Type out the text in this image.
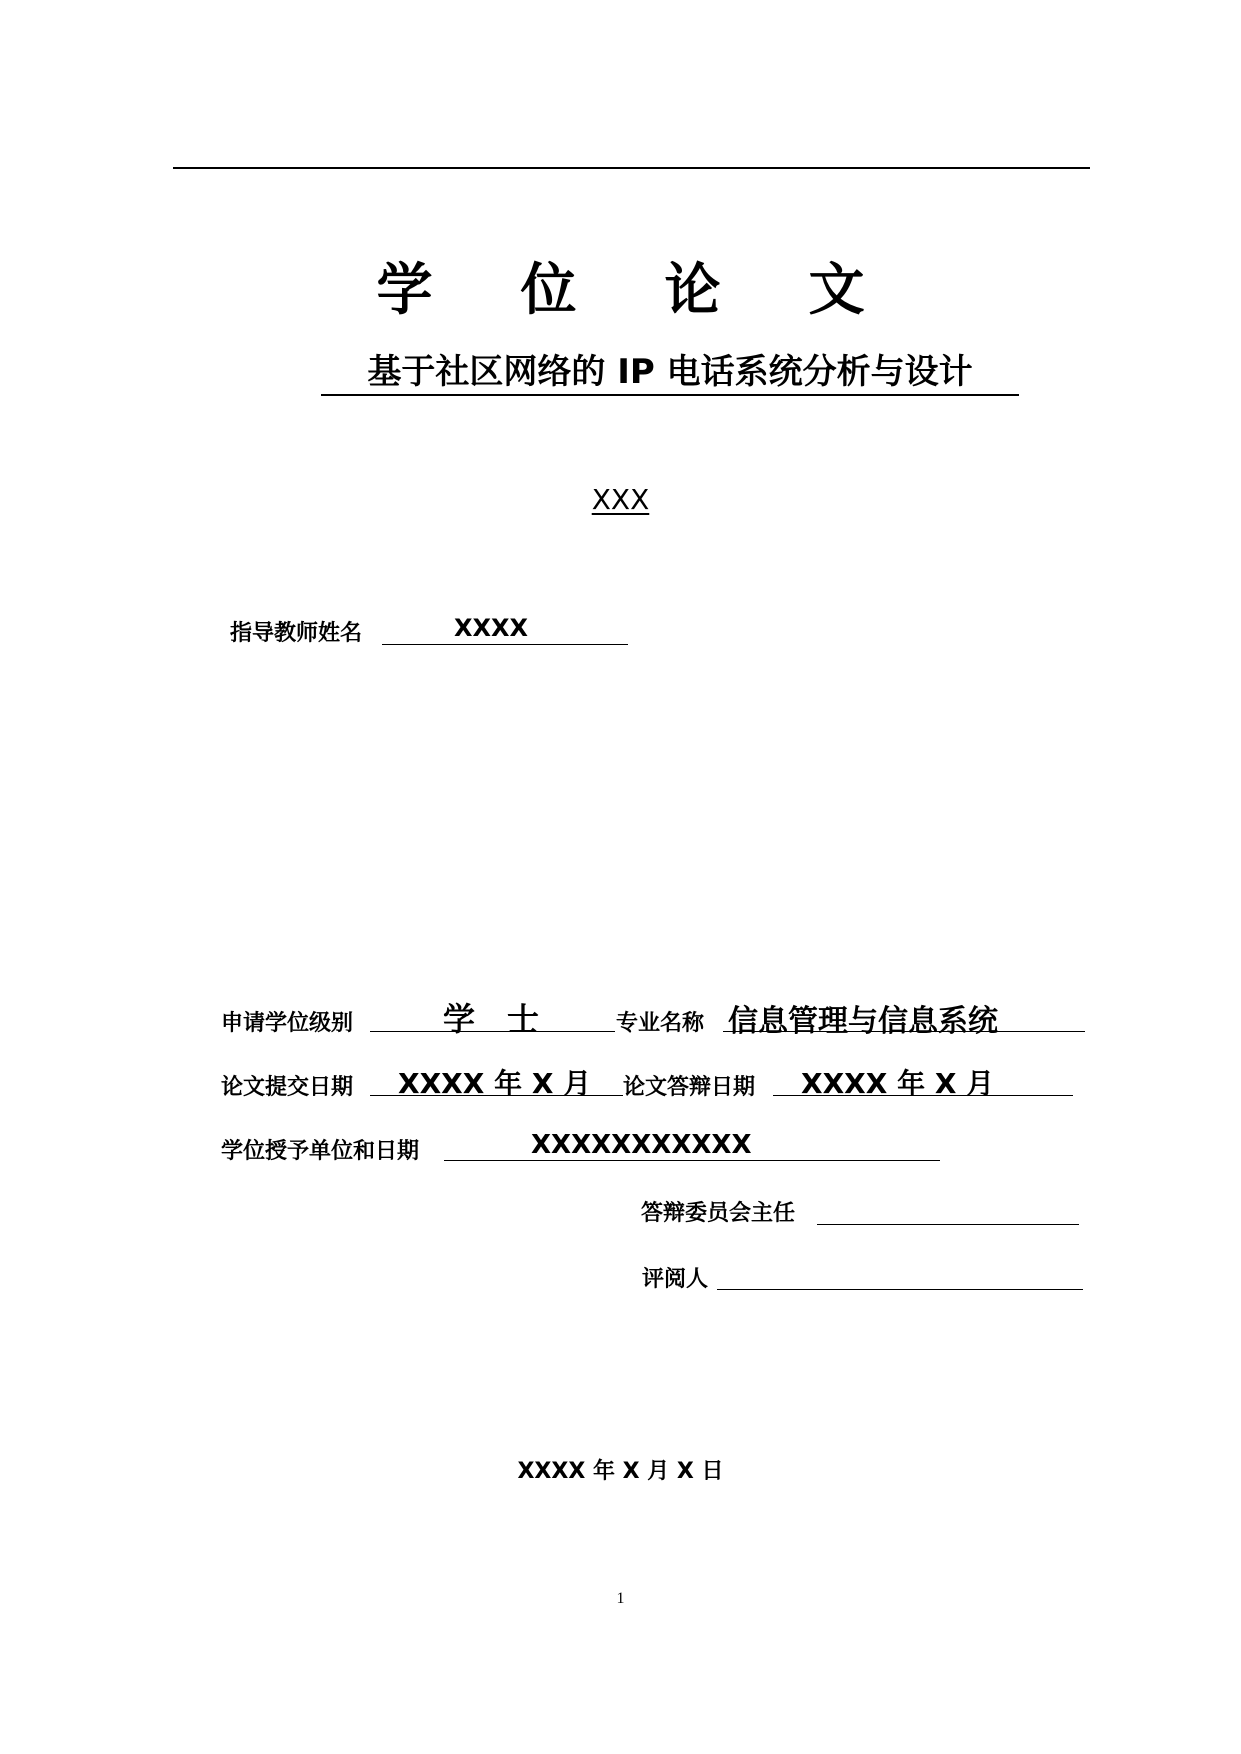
学 位 论 文
基于社区网络的 IP 电话系统分析与设计
XXX
指导教师姓名	XXXX
申请学位级别	学　士	专业名称 信息管理与信息系统
论文提交日期 XXXX 年 X 月 论文答辩日期 XXXX 年 X 月
学位授予单位和日期	XXXXXXXXXXX
答辩委员会主任
评阅人
XXXX 年 X 月 X 日
1
